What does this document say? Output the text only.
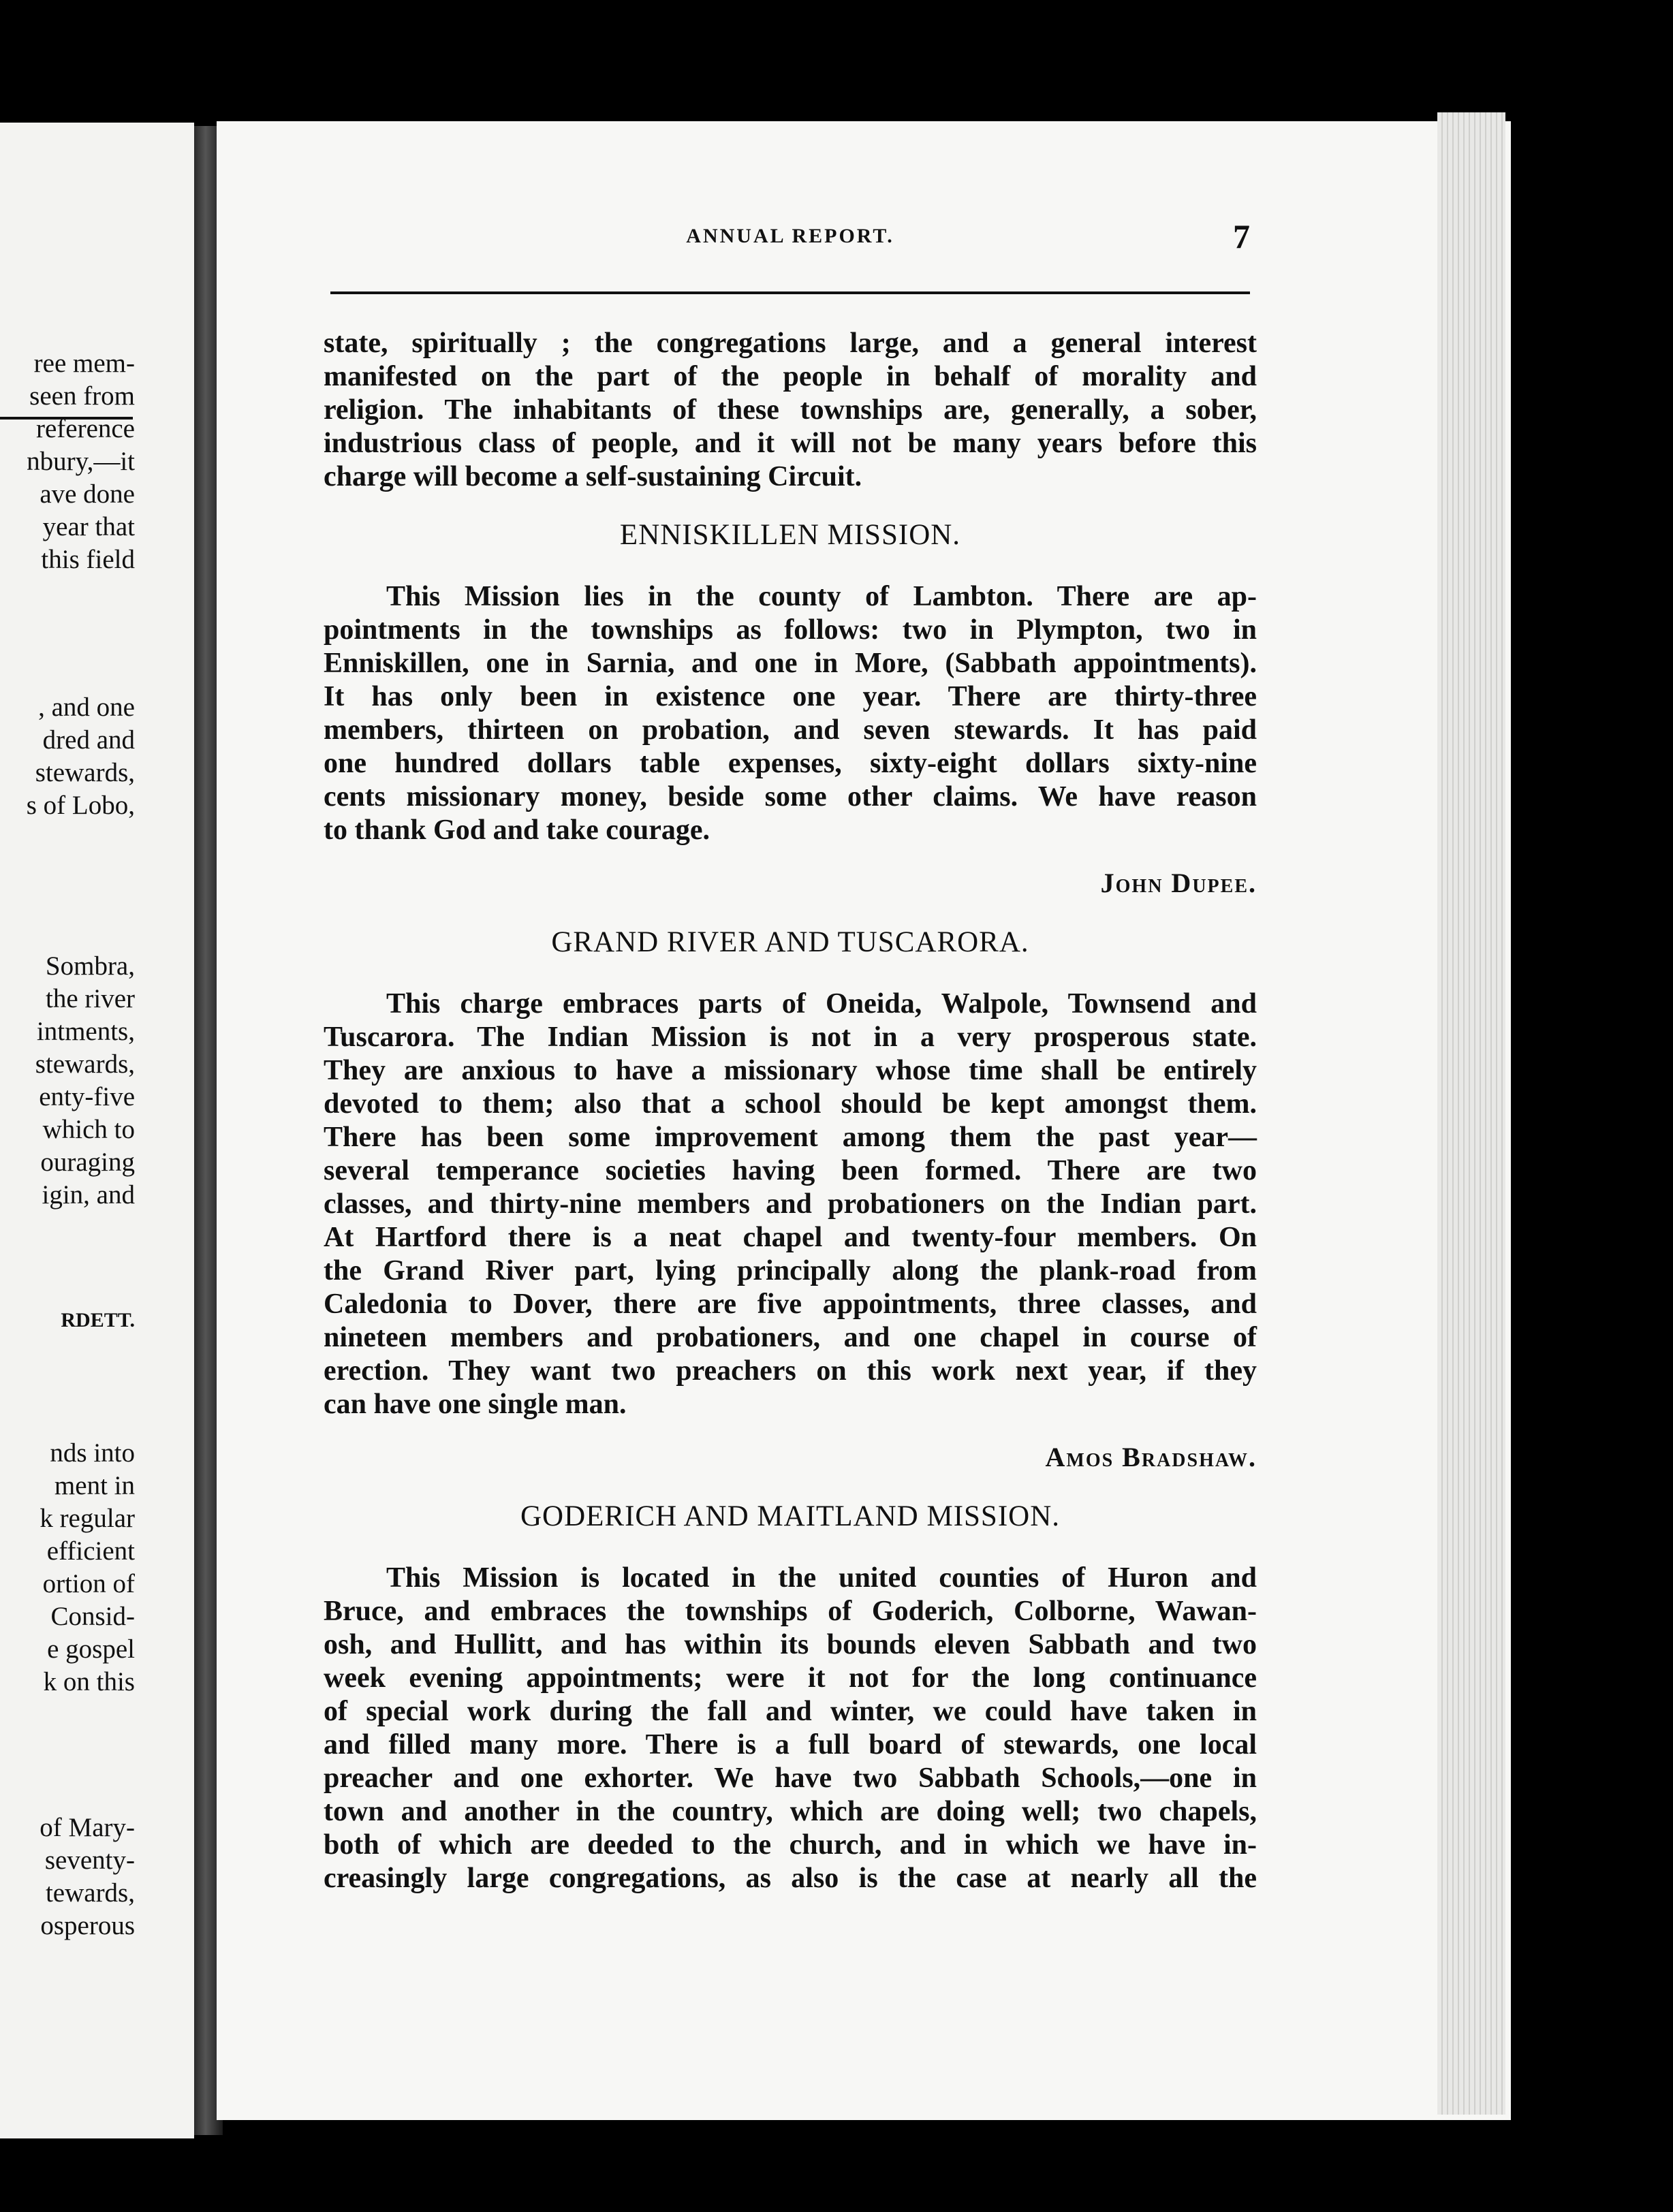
ree mem-
seen from
reference
nbury,—it
ave done
year that
this field
, and one
dred and
stewards,
s of Lobo,
Sombra,
the river
intments,
stewards,
enty-five
which to
ouraging
igin, and
nds into
ment in
k regular
efficient
ortion of
Consid-
e gospel
k on this
of Mary-
seventy-
tewards,
osperous
RDETT.
ANNUAL REPORT.	7
state, spiritually ; the congregations large, and a general interest
manifested on the part of the people in behalf of morality and
religion. The inhabitants of these townships are, generally, a sober,
industrious class of people, and it will not be many years before this
charge will become a self-sustaining Circuit.
ENNISKILLEN MISSION.
This Mission lies in the county of Lambton. There are ap-
pointments in the townships as follows: two in Plympton, two in
Enniskillen, one in Sarnia, and one in More, (Sabbath appointments).
It has only been in existence one year. There are thirty-three
members, thirteen on probation, and seven stewards. It has paid
one hundred dollars table expenses, sixty-eight dollars sixty-nine
cents missionary money, beside some other claims. We have reason
to thank God and take courage.
John Dupee.
GRAND RIVER AND TUSCARORA.
This charge embraces parts of Oneida, Walpole, Townsend and
Tuscarora. The Indian Mission is not in a very prosperous state.
They are anxious to have a missionary whose time shall be entirely
devoted to them; also that a school should be kept amongst them.
There has been some improvement among them the past year—
several temperance societies having been formed. There are two
classes, and thirty-nine members and probationers on the Indian part.
At Hartford there is a neat chapel and twenty-four members. On
the Grand River part, lying principally along the plank-road from
Caledonia to Dover, there are five appointments, three classes, and
nineteen members and probationers, and one chapel in course of
erection. They want two preachers on this work next year, if they
can have one single man.
Amos Bradshaw.
GODERICH AND MAITLAND MISSION.
This Mission is located in the united counties of Huron and
Bruce, and embraces the townships of Goderich, Colborne, Wawan-
osh, and Hullitt, and has within its bounds eleven Sabbath and two
week evening appointments; were it not for the long continuance
of special work during the fall and winter, we could have taken in
and filled many more. There is a full board of stewards, one local
preacher and one exhorter. We have two Sabbath Schools,—one in
town and another in the country, which are doing well; two chapels,
both of which are deeded to the church, and in which we have in-
creasingly large congregations, as also is the case at nearly all the
